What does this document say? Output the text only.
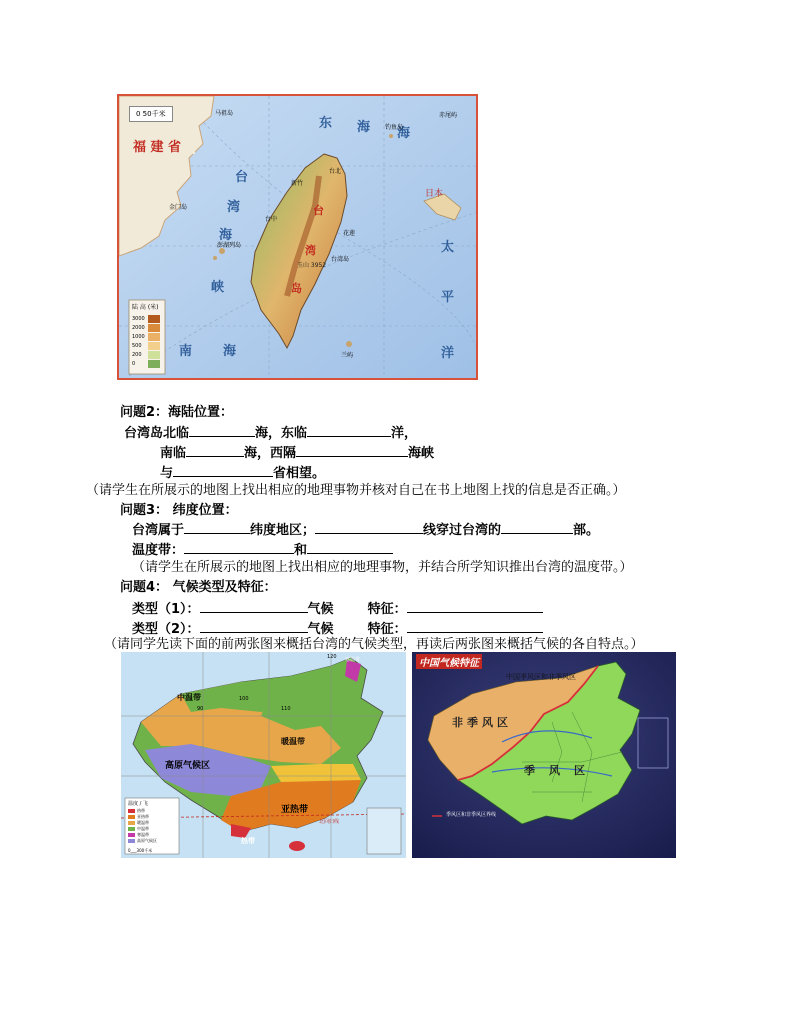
0 50千米
福 建 省
东 海 海
台
湾
海
峡
南 海
太
平
洋
日本
台
湾
岛
玉山 3952
澎湖列岛
新竹
台北
台中
花莲
台湾岛
兰屿
钓鱼岛
赤尾屿
金门岛
马祖岛
陆 高 (米)
3000
2000
1000
500
200
0
问题2：海陆位置：
台湾岛北临	海，东临	洋，
南临	海，西隔	海峡
与	省相望。
（请学生在所展示的地图上找出相应的地理事物并核对自己在书上地图上找的信息是否正确。）
问题3： 纬度位置：
台湾属于	纬度地区；	线穿过台湾的	部。
温度带：	和
（请学生在所展示的地图上找出相应的地理事物，并结合所学知识推出台湾的温度带。）
问题4： 气候类型及特征：
类型（1）：	气候	特征：
类型（2）：	气候	特征：
（请同学先读下面的前两张图来概括台湾的气候类型，再读后两张图来概括气候的各自特点。）
寒温带
中温带
暖温带
高原气候区
亚热带
热带
北回归线
90
100
110
120
温度 / 飞
热带
亚热带
暖温带
中温带
寒温带
高原气候区
0___300千米
中国气候特征
中国季风区和非季风区
非季风区
季风区
季风区和非季风区界线
